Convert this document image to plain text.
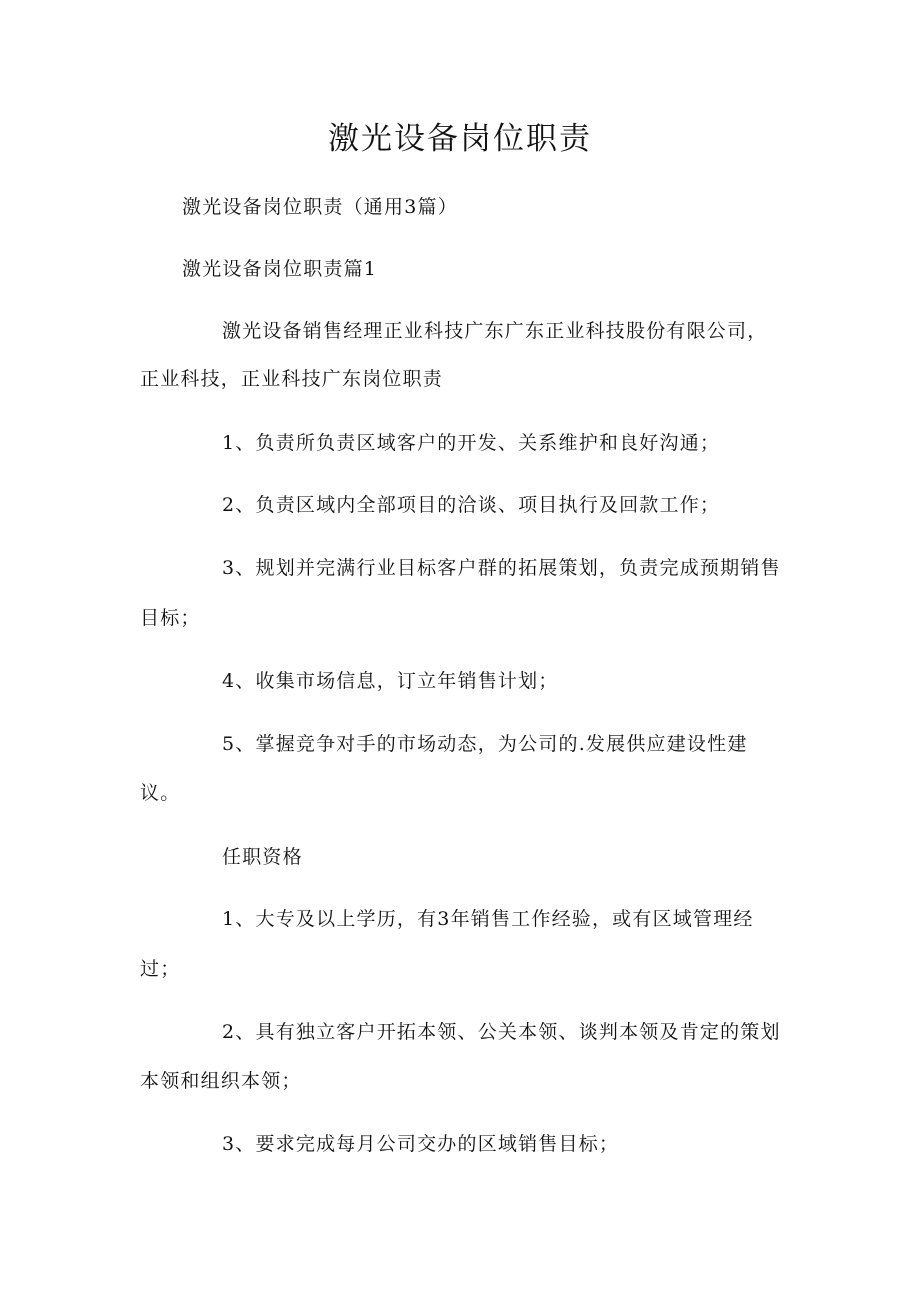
激光设备岗位职责

激光设备岗位职责（通用3篇）

激光设备岗位职责篇1

激光设备销售经理正业科技广东广东正业科技股份有限公司，

正业科技，正业科技广东岗位职责

1、负责所负责区域客户的开发、关系维护和良好沟通；

2、负责区域内全部项目的洽谈、项目执行及回款工作；

3、规划并完满行业目标客户群的拓展策划，负责完成预期销售

目标；

4、收集市场信息，订立年销售计划；

5、掌握竞争对手的市场动态，为公司的.发展供应建设性建

议。

任职资格

1、大专及以上学历，有3年销售工作经验，或有区域管理经

过；

2、具有独立客户开拓本领、公关本领、谈判本领及肯定的策划

本领和组织本领；

3、要求完成每月公司交办的区域销售目标；
